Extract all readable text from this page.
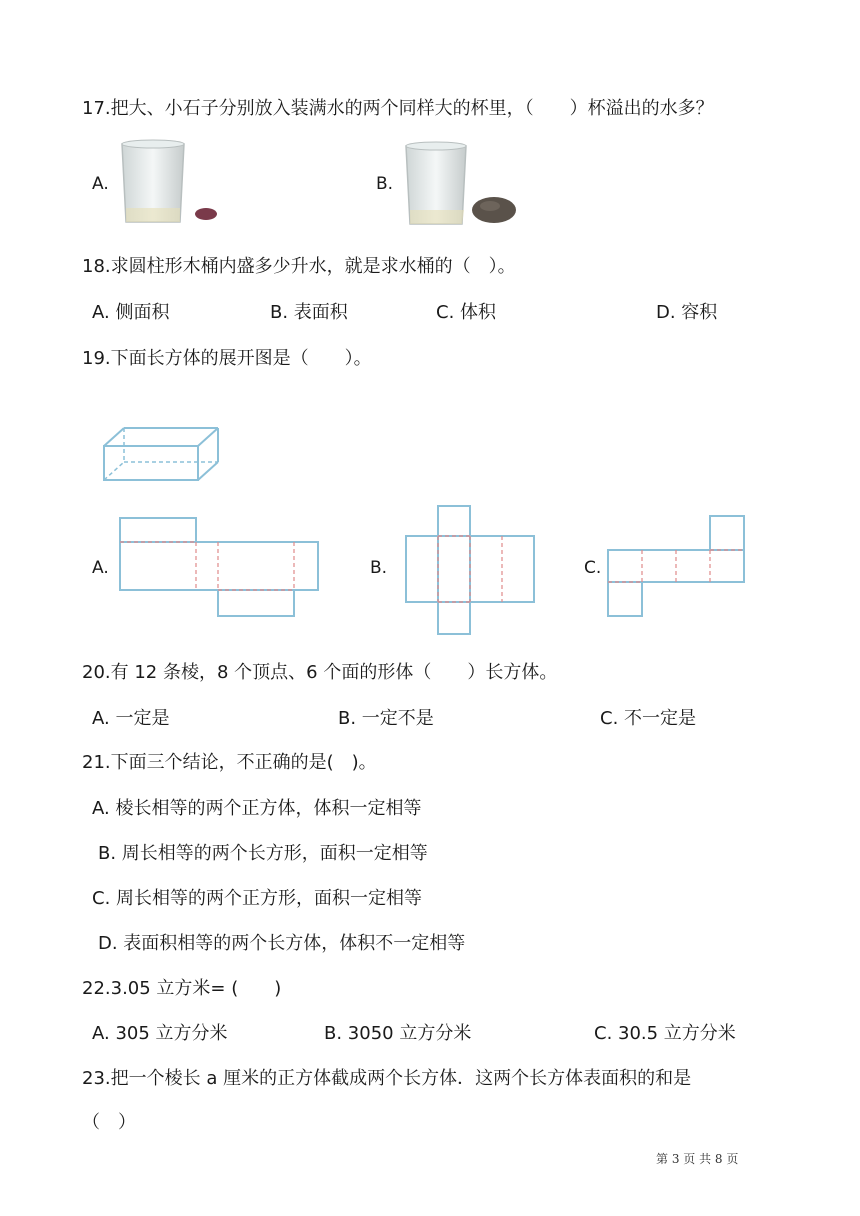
17.把大、小石子分别放入装满水的两个同样大的杯里，（　　）杯溢出的水多？
A.	B.
18.求圆柱形木桶内盛多少升水，就是求水桶的（　）。
A. 侧面积	B. 表面积	C. 体积	D. 容积
19.下面长方体的展开图是（　　）。
A.	B.	C.
20.有 12 条棱，8 个顶点、6 个面的形体（　　）长方体。
A. 一定是	B. 一定不是	C. 不一定是
21.下面三个结论，不正确的是(　)。
A. 棱长相等的两个正方体，体积一定相等
B. 周长相等的两个长方形，面积一定相等
C. 周长相等的两个正方形，面积一定相等
D. 表面积相等的两个长方体，体积不一定相等
22.3.05 立方米= (　　)
A. 305 立方分米	B. 3050 立方分米	C. 30.5 立方分米
23.把一个棱长 a 厘米的正方体截成两个长方体．这两个长方体表面积的和是
（　）
第 3 页 共 8 页
